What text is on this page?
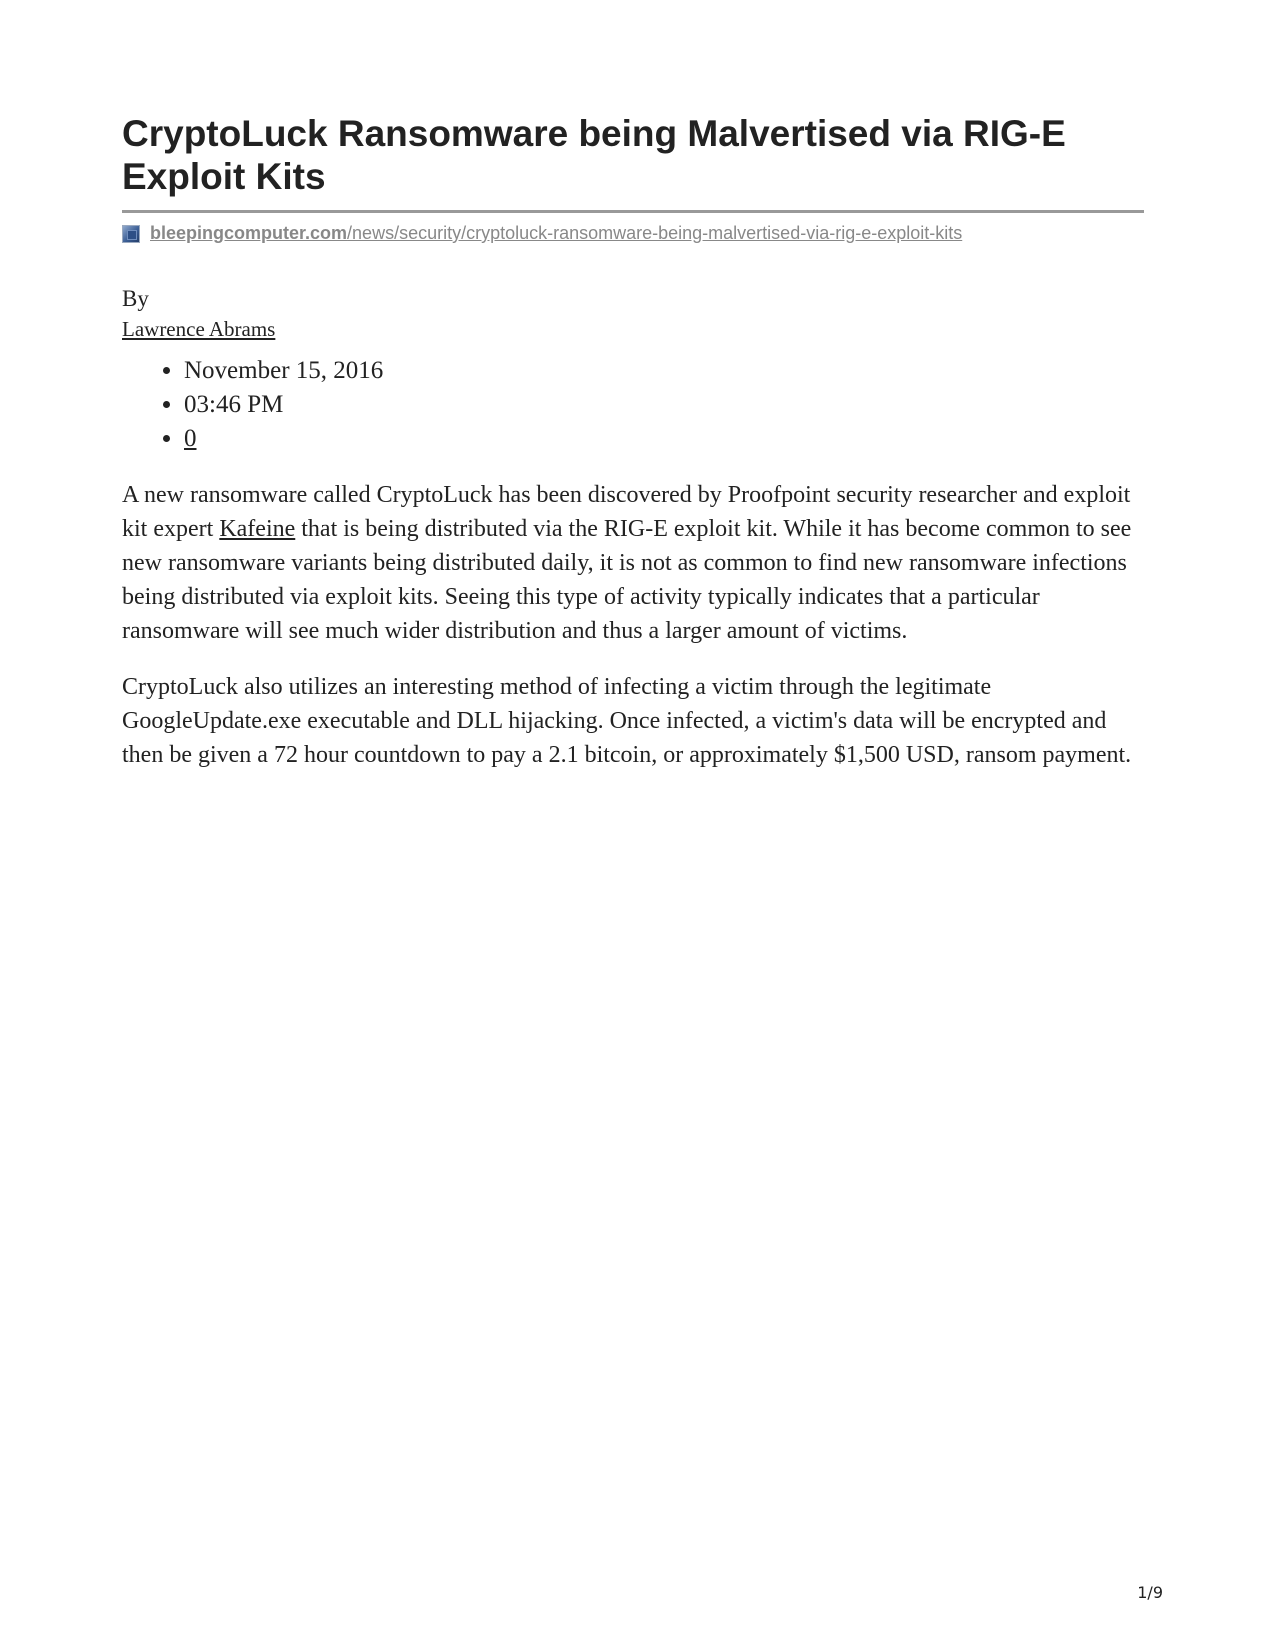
CryptoLuck Ransomware being Malvertised via RIG-E Exploit Kits
bleepingcomputer.com/news/security/cryptoluck-ransomware-being-malvertised-via-rig-e-exploit-kits
By
Lawrence Abrams
• November 15, 2016
• 03:46 PM
• 0

A new ransomware called CryptoLuck has been discovered by Proofpoint security researcher and exploit kit expert Kafeine that is being distributed via the RIG-E exploit kit. While it has become common to see new ransomware variants being distributed daily, it is not as common to find new ransomware infections being distributed via exploit kits. Seeing this type of activity typically indicates that a particular ransomware will see much wider distribution and thus a larger amount of victims.

CryptoLuck also utilizes an interesting method of infecting a victim through the legitimate GoogleUpdate.exe executable and DLL hijacking. Once infected, a victim's data will be encrypted and then be given a 72 hour countdown to pay a 2.1 bitcoin, or approximately $1,500 USD, ransom payment.

1/9
